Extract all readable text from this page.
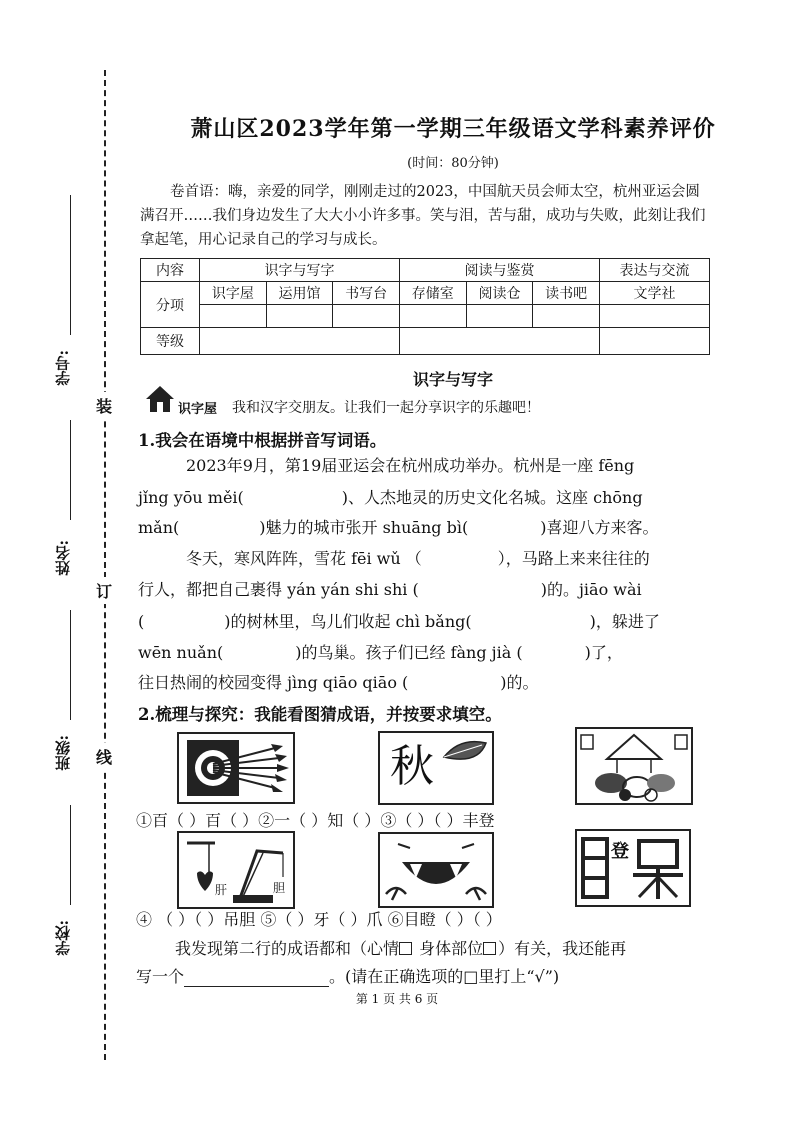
学号:
姓名:
班级:
学校:
装
订
线
萧山区2023学年第一学期三年级语文学科素养评价
(时间：80分钟)
卷首语：嗨，亲爱的同学，刚刚走过的2023，中国航天员会师太空，杭州亚运会圆满召开……我们身边发生了大大小小许多事。笑与泪，苦与甜，成功与失败，此刻让我们拿起笔，用心记录自己的学习与成长。
内容	识字与写字			阅读与鉴赏			表达与交流
分项	识字屋	运用馆	书写台	存储室	阅读仓	读书吧	文学社

等级							
识字与写字
识字屋 我和汉字交朋友。让我们一起分享识字的乐趣吧！
1.我会在语境中根据拼音写词语。
2023年9月，第19届亚运会在杭州成功举办。杭州是一座 fēng
jǐng yōu měi(	)、人杰地灵的历史文化名城。这座 chōng
mǎn(	)魅力的城市张开 shuāng bì(	)喜迎八方来客。
冬天，寒风阵阵，雪花 fēi wǔ （	），马路上来来往往的
行人，都把自己裹得 yán yán shi shi (	)的。jiāo wài
(	)的树林里，鸟儿们收起 chì bǎng(	)，躲进了
wēn nuǎn(	)的鸟巢。孩子们已经 fàng jià (	)了，
往日热闹的校园变得 jìng qiāo qiāo (	)的。
2.梳理与探究：我能看图猜成语，并按要求填空。
秋
①百（ ）百（ ）②一（ ）知（ ）③（ ）（ ）丰登
肝	胆
登
④ （ ）（ ）吊胆 ⑤（ ）牙（ ）爪 ⑥目瞪（ ）（ ）
我发现第二行的成语都和（心情 身体部位 ）有关，我还能再
写一个	。(请在正确选项的□里打上“√”)
第 1 页 共 6 页
